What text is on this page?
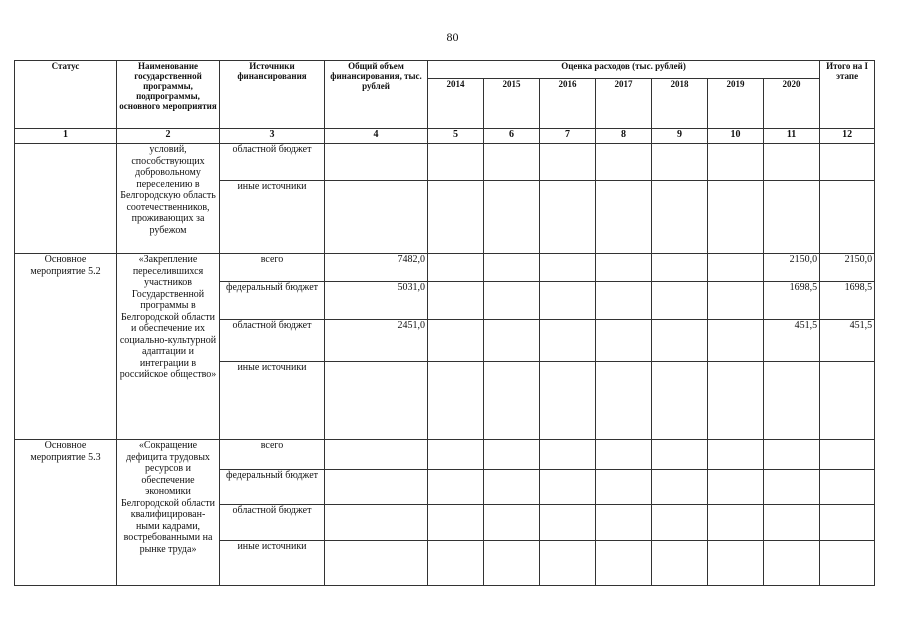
80
Статус	Наименование государственной программы, подпрограммы, основного мероприятия	Источники финансирования	Общий объем финансирования, тыс. рублей	Оценка расходов (тыс. рублей)							Итого на I этапе
				2014	2015	2016	2017	2018	2019	2020	
1	2	3	4	5	6	7	8	9	10	11	12
	условий, способствующих добровольному переселению в Белгородскую область соотечественников, проживающих за рубежом	областной бюджет									
		иные источники									
Основное мероприятие 5.2	«Закрепление переселившихся участников Государственной программы в Белгородской области и обеспечение их социально-культурной адаптации и интеграции в российское общество»	всего	7482,0							2150,0	2150,0
		федеральный бюджет	5031,0							1698,5	1698,5
		областной бюджет	2451,0							451,5	451,5
		иные источники									
Основное мероприятие 5.3	«Сокращение дефицита трудовых ресурсов и обеспечение экономики Белгородской области квалифицирован-ными кадрами, востребованными на рынке труда»	всего									
		федеральный бюджет									
		областной бюджет									
		иные источники									
